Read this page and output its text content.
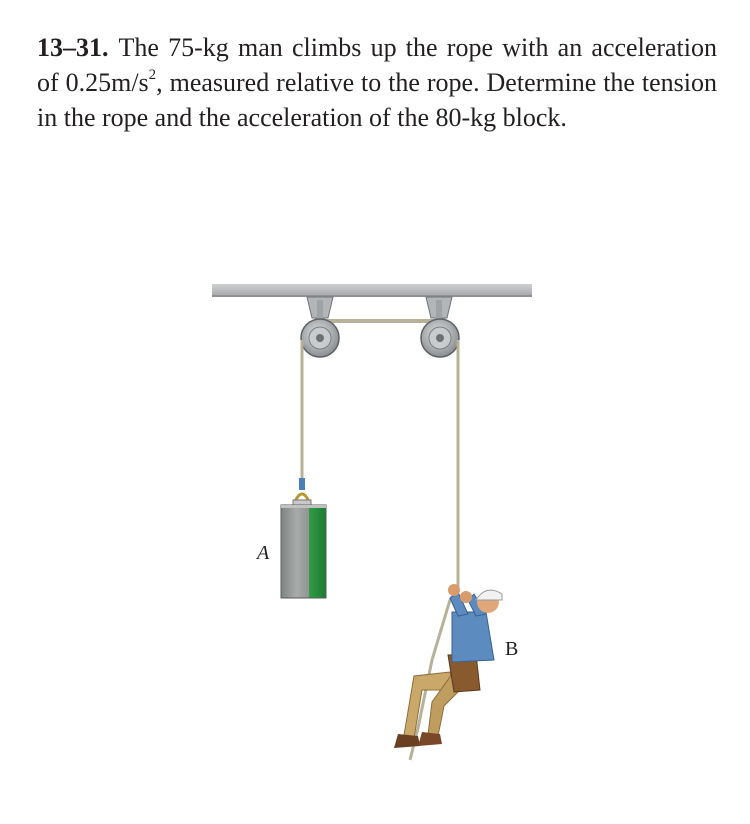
13–31. The 75-kg man climbs up the rope with an acceleration of $0.25m/s^2$, measured relative to the rope. Determine the tension in the rope and the acceleration of the 80-kg block.
A
B
